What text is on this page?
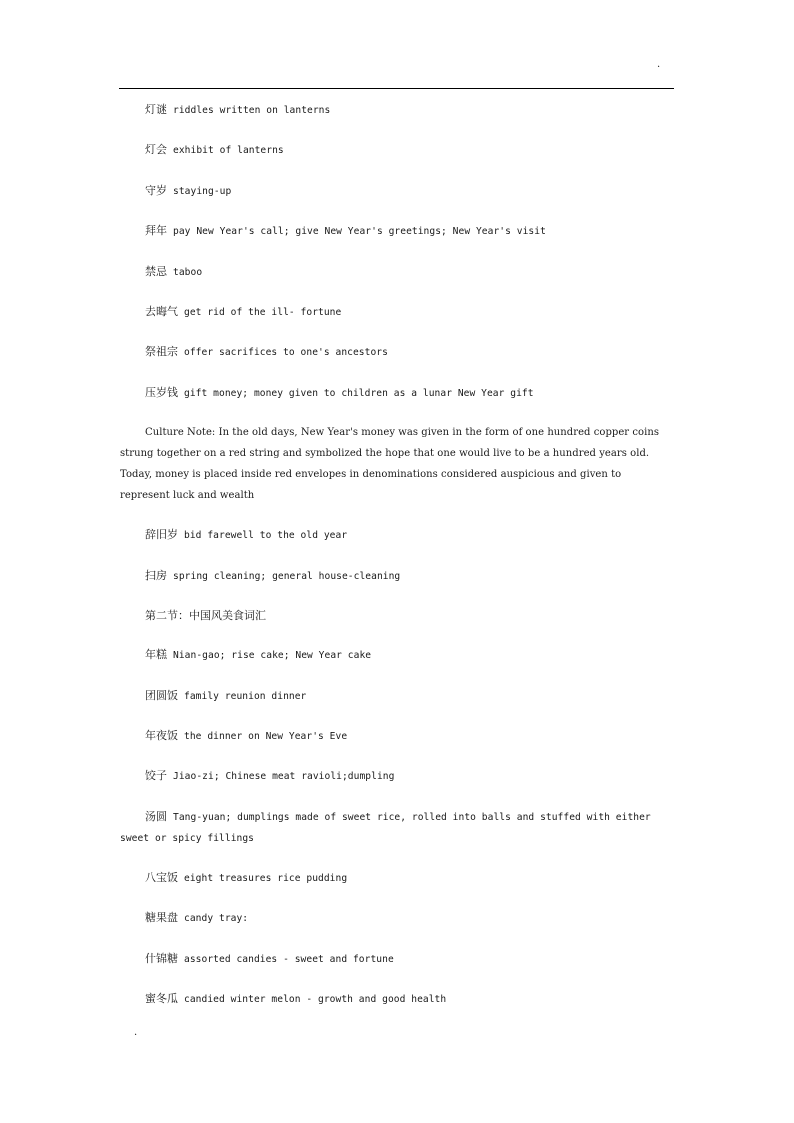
.

灯谜 riddles written on lanterns

灯会 exhibit of lanterns

守岁 staying-up

拜年 pay New Year's call; give New Year's greetings; New Year's visit

禁忌 taboo

去晦气 get rid of the ill- fortune

祭祖宗 offer sacrifices to one's ancestors

压岁钱 gift money; money given to children as a lunar New Year gift

Culture Note: In the old days, New Year's money was given in the form of one hundred copper coins strung together on a red string and symbolized the hope that one would live to be a hundred years old. Today, money is placed inside red envelopes in denominations considered auspicious and given to represent luck and wealth

辞旧岁 bid farewell to the old year

扫房 spring cleaning; general house-cleaning

第二节：中国风美食词汇

年糕 Nian-gao; rise cake; New Year cake

团圆饭 family reunion dinner

年夜饭 the dinner on New Year's Eve

饺子 Jiao-zi; Chinese meat ravioli;dumpling

汤圆 Tang-yuan; dumplings made of sweet rice, rolled into balls and stuffed with either sweet or spicy fillings

八宝饭 eight treasures rice pudding

糖果盘 candy tray:

什锦糖 assorted candies - sweet and fortune

蜜冬瓜 candied winter melon - growth and good health

.
